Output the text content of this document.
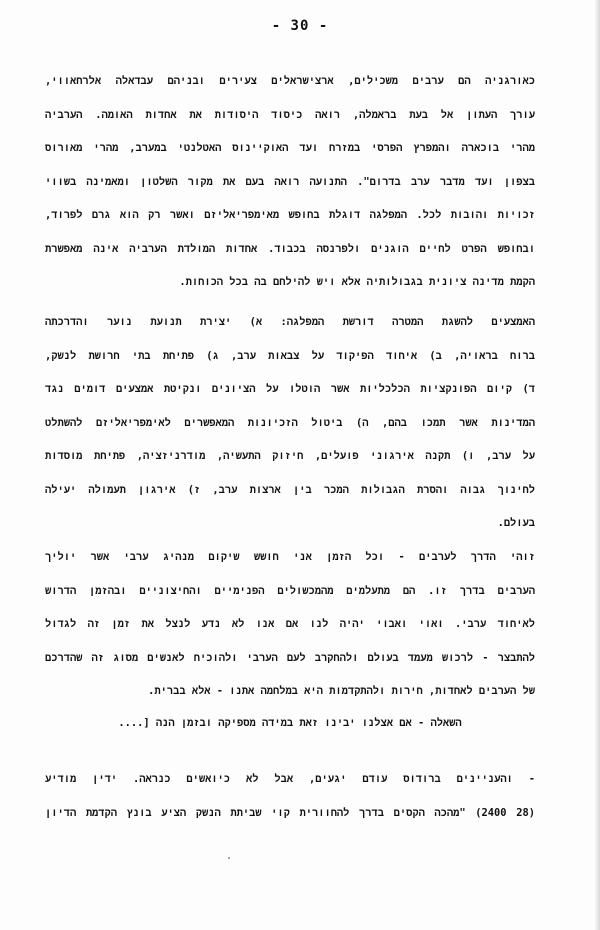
- 30 -
כאורגניה הם ערבים משכילים, ארצישראלים צעירים ובניהם עבדאלה אלרחאווי,
עורך העתון אל בעת בראמלה, רואה כיסוד היסודות את אחדות האומה. הערביה
מהרי בוכארה והמפרץ הפרסי במזרח ועד האוקיינוס האטלנטי במערב, מהרי מאורוס
בצפון ועד מדבר ערב בדרום". התנועה רואה בעם את מקור השלטון ומאמינה בשווי
זכויות והובות לכל. המפלגה דוגלת בחופש מאימפריאליזם ואשר רק הוא גרם לפרוד,
ובחופש הפרט לחיים הוגנים ולפרנסה בכבוד. אחדות המולדת הערביה אינה מאפשרת
הקמת מדינה ציונית בגבולותיה אלא ויש להילחם בה בכל הכוחות.
האמצעים להשגת המטרה דורשת המפלגה: א) יצירת תנועת נוער והדרכתה
ברוח בראויה, ב) איחוד הפיקוד על צבאות ערב, ג) פתיחת בתי חרושת לנשק,
ד) קיום הפונקציות הכלכליות אשר הוטלו על הציונים ונקיטת אמצעים דומים נגד
המדינות אשר תמכו בהם, ה) ביטול הזכיונות המאפשרים לאימפריאליזם להשתלט
על ערב, ו) תקנה אירגוני פועלים, חיזוק התעשיה, מודרניזציה, פתיחת מוסדות
לחינוך גבוה והסרת הגבולות המכר בין ארצות ערב, ז) אירגון תעמולה יעילה
בעולם.
זוהי הדרך לערבים - וכל הזמן אני חושש שיקום מנהיג ערבי אשר יוליך
הערבים בדרך זו. הם מתעלמים מהמכשולים הפנימיים והחיצוניים ובהזמן הדרוש
לאיחוד ערבי. ואוי ואבוי יהיה לנו אם אנו לא נדע לנצל את זמן זה לגדול
להתבצר - לרכוש מעמד בעולם ולהחקרב לעם הערבי ולהוכיח לאנשים מסוג זה שהדרכם
של הערבים לאחדות, חירות ולהתקדמות היא במלחמה אתנו - אלא בברית.
השאלה - אם אצלנו יבינו זאת במידה מספיקה ובזמן הנה [....
- והעניינים ברודוס עודם יגעים, אבל לא כיואשים כנראה. ידין מודיע
(28 2400) "מהכה הקסים בדרך להחוורית קוי שביתת הנשק הציע בונץ הקדמת הדיון
